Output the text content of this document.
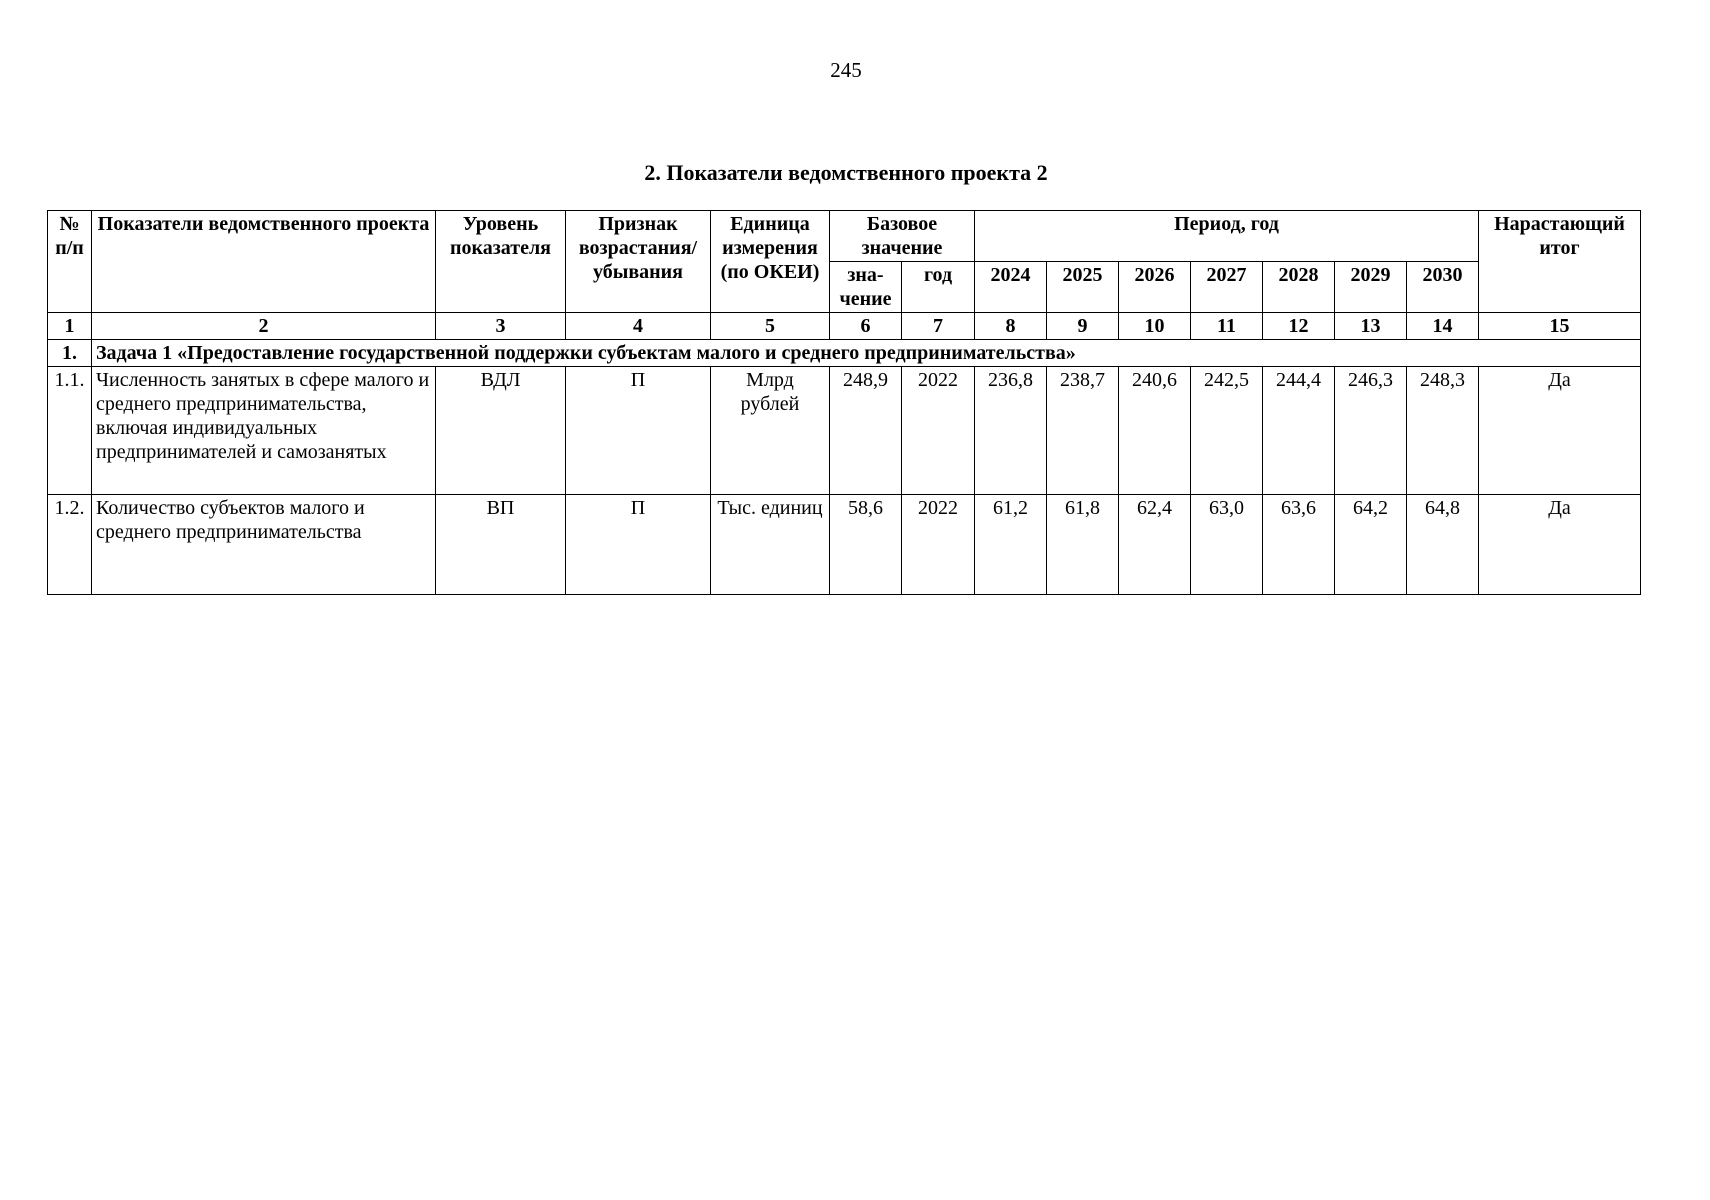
245
2. Показатели ведомственного проекта 2
№ п/п	Показатели ведомственного проекта	Уровень показателя	Признак возрастания/ убывания	Единица измерения (по ОКЕИ)	Базовое значение		Период, год							Нарастающий итог
					зна-чение	год	2024	2025	2026	2027	2028	2029	2030	
1	2	3	4	5	6	7	8	9	10	11	12	13	14	15
1.	Задача 1 «Предоставление государственной поддержки субъектам малого и среднего предпринимательства»													
1.1.	Численность занятых в сфере малого и среднего предпринимательства, включая индивидуальных предпринимателей и самозанятых	ВДЛ	П	Млрд рублей	248,9	2022	236,8	238,7	240,6	242,5	244,4	246,3	248,3	Да
1.2.	Количество субъектов малого и среднего предпринимательства	ВП	П	Тыс. единиц	58,6	2022	61,2	61,8	62,4	63,0	63,6	64,2	64,8	Да
